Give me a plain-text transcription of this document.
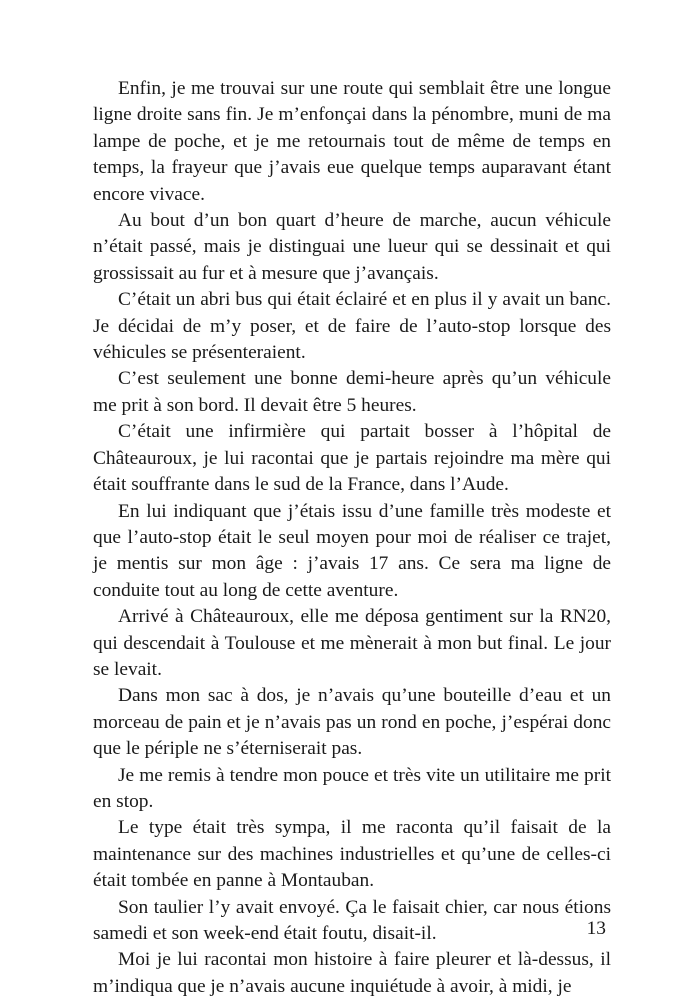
Enfin, je me trouvai sur une route qui semblait être une longue ligne droite sans fin. Je m’enfonçai dans la pénombre, muni de ma lampe de poche, et je me retournais tout de même de temps en temps, la frayeur que j’avais eue quelque temps auparavant étant encore vivace.

Au bout d’un bon quart d’heure de marche, aucun véhicule n’était passé, mais je distinguai une lueur qui se dessinait et qui grossissait au fur et à mesure que j’avançais.

C’était un abri bus qui était éclairé et en plus il y avait un banc. Je décidai de m’y poser, et de faire de l’auto-stop lorsque des véhicules se présenteraient.

C’est seulement une bonne demi-heure après qu’un véhicule me prit à son bord. Il devait être 5 heures.

C’était une infirmière qui partait bosser à l’hôpital de Châteauroux, je lui racontai que je partais rejoindre ma mère qui était souffrante dans le sud de la France, dans l’Aude.

En lui indiquant que j’étais issu d’une famille très modeste et que l’auto-stop était le seul moyen pour moi de réaliser ce trajet, je mentis sur mon âge : j’avais 17 ans. Ce sera ma ligne de conduite tout au long de cette aventure.

Arrivé à Châteauroux, elle me déposa gentiment sur la RN20, qui descendait à Toulouse et me mènerait à mon but final. Le jour se levait.

Dans mon sac à dos, je n’avais qu’une bouteille d’eau et un morceau de pain et je n’avais pas un rond en poche, j’espérai donc que le périple ne s’éterniserait pas.

Je me remis à tendre mon pouce et très vite un utilitaire me prit en stop.

Le type était très sympa, il me raconta qu’il faisait de la maintenance sur des machines industrielles et qu’une de celles-ci était tombée en panne à Montauban.

Son taulier l’y avait envoyé. Ça le faisait chier, car nous étions samedi et son week-end était foutu, disait-il.

Moi je lui racontai mon histoire à faire pleurer et là-dessus, il m’indiqua que je n’avais aucune inquiétude à avoir, à midi, je

13
